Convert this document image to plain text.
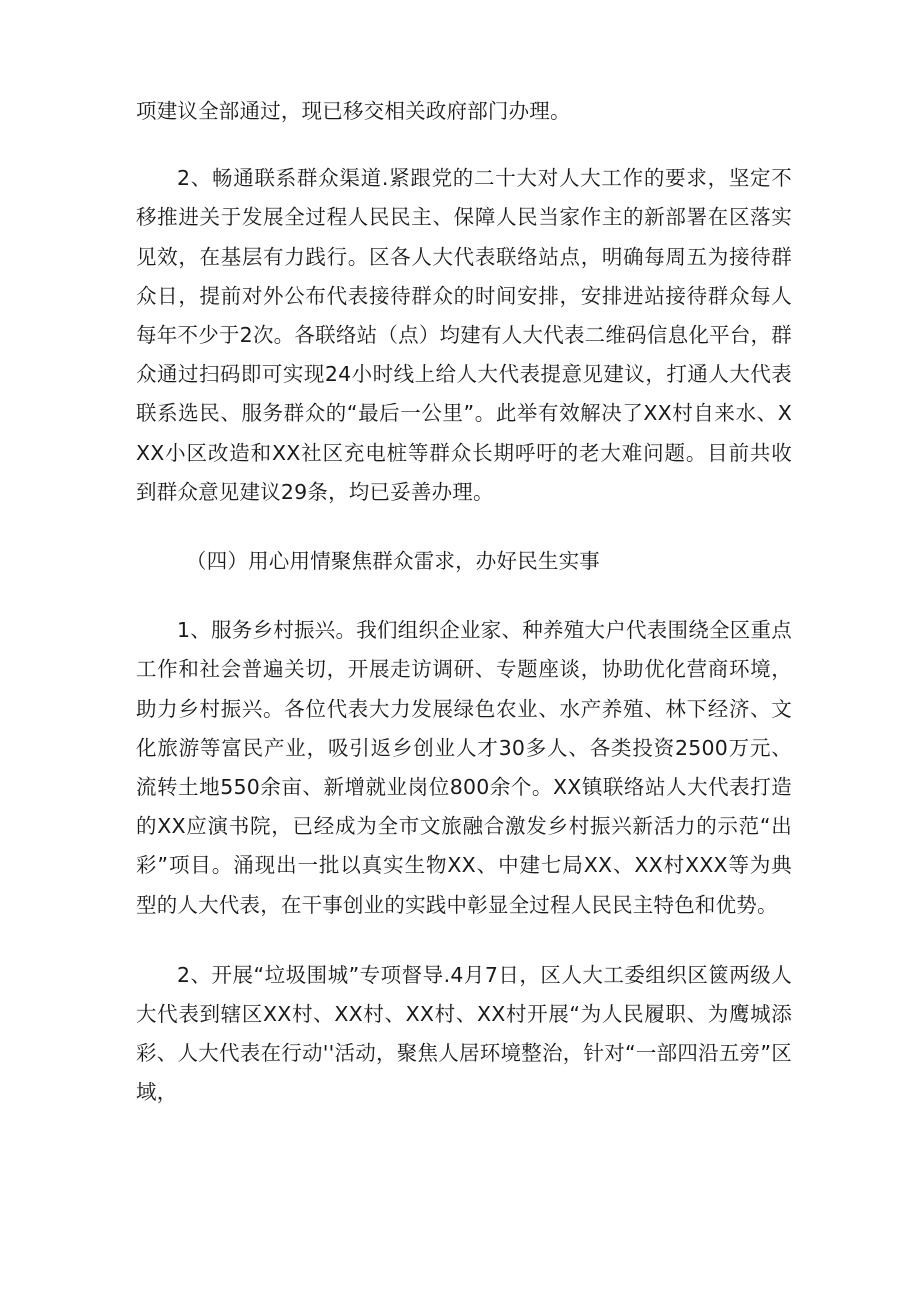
项建议全部通过，现已移交相关政府部门办理。

2、畅通联系群众渠道.紧跟党的二十大对人大工作的要求，坚定不移推进关于发展全过程人民民主、保障人民当家作主的新部署在区落实见效，在基层有力践行。区各人大代表联络站点，明确每周五为接待群众日，提前对外公布代表接待群众的时间安排，安排进站接待群众每人每年不少于2次。各联络站（点）均建有人大代表二维码信息化平台，群众通过扫码即可实现24小时线上给人大代表提意见建议，打通人大代表联系选民、服务群众的“最后一公里”。此举有效解决了XX村自来水、XXX小区改造和XX社区充电桩等群众长期呼吁的老大难问题。目前共收到群众意见建议29条，均已妥善办理。

（四）用心用情聚焦群众雷求，办好民生实事

1、服务乡村振兴。我们组织企业家、种养殖大户代表围绕全区重点工作和社会普遍关切，开展走访调研、专题座谈，协助优化营商环境，助力乡村振兴。各位代表大力发展绿色农业、水产养殖、林下经济、文化旅游等富民产业，吸引返乡创业人才30多人、各类投资2500万元、流转土地550余亩、新增就业岗位800余个。XX镇联络站人大代表打造的XX应演书院，已经成为全市文旅融合激发乡村振兴新活力的示范“出彩”项目。涌现出一批以真实生物XX、中建七局XX、XX村XXX等为典型的人大代表，在干事创业的实践中彰显全过程人民民主特色和优势。

2、开展“垃圾围城”专项督导.4月7日，区人大工委组织区篋两级人大代表到辖区XX村、XX村、XX村、XX村开展“为人民履职、为鹰城添彩、人大代表在行动''活动，聚焦人居环境整治，针对“一部四沿五旁”区域，
